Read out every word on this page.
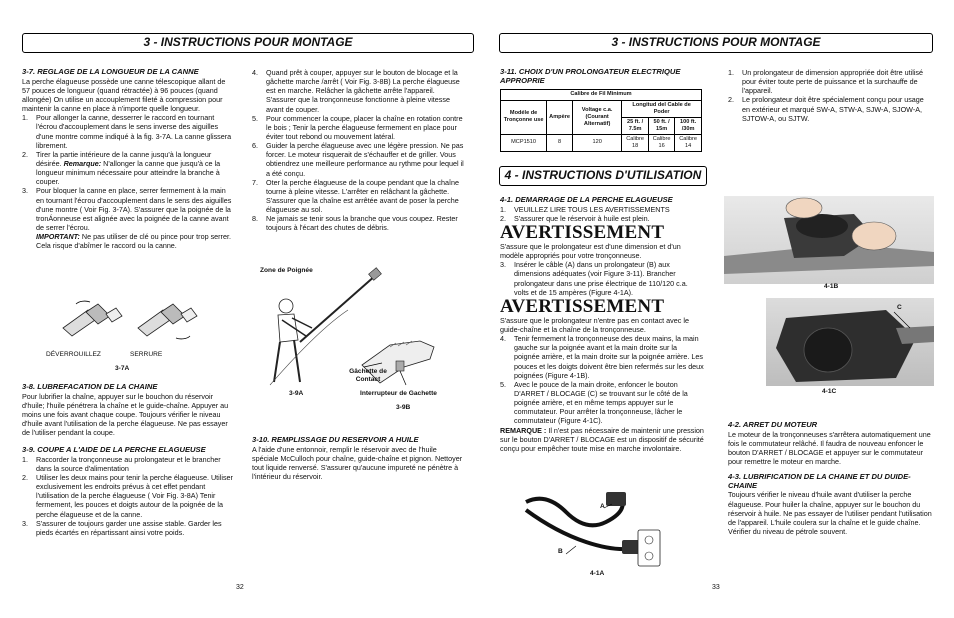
3 - INSTRUCTIONS POUR MONTAGE
3-7. REGLAGE DE LA LONGUEUR DE LA CANNE

La perche élagueuse possède une canne télescopique allant de 57 pouces de longueur (quand rétractée) à 96 pouces (quand allongée) On utilise un accouplement fileté à compression pour maintenir la canne en place à n'importe quelle longueur.

1. Pour allonger la canne, desserrer le raccord en tournant l'écrou d'accouplement dans le sens inverse des aiguilles d'une montre comme indiqué à la fig. 3-7A. La canne glissera librement.
2. Tirer la partie intérieure de la canne jusqu'à la longueur désirée. Remarque: N'allonger la canne que jusqu'à ce la longueur minimum nécessaire pour atteindre la branche à couper.
3. Pour bloquer la canne en place, serrer fermement à la main en tournant l'écrou d'accouplement dans le sens des aiguilles d'une montre ( Voir Fig. 3-7A). S'assurer que la poignée de la tronÁonneuse est alignée avec la poignée de la canne avant de serrer l'écrou.
IMPORTANT: Ne pas utiliser de clé ou pince pour trop serrer. Cela risque d'abîmer le raccord ou la canne.
DÉVERROUILLEZ	SERRURE
3-7A
3-8. LUBREFACATION DE LA CHAINE

Pour lubrifier la chaîne, appuyer sur le bouchon du réservoir d'huile; l'huile pénétrera la chaîne et le guide-chaîne. Appuyer au moins une fois avant chaque coupe. Toujours vérifier le niveau d'huile avant l'utilisation de la perche élagueuse. Ne pas essayer de l'utiliser pendant la coupe.

3-9. COUPE A L'AIDE DE LA PERCHE ELAGUEUSE
1. Raccorder la tronçonneuse au prolongateur et le brancher dans la source d'alimentation
2. Utiliser les deux mains pour tenir la perche élagueuse. Utiliser exclusivement les endroits prévus à cet effet pendant l'utilisation de la perche élagueuse ( Voir Fig. 3-8A) Tenir fermement, les pouces et doigts autour de la poignée de la perche élagueuse et de la canne.
3. S'assurer de toujours garder une assise stable. Garder les pieds écartés en répartissant ainsi votre poids.
4. Quand prêt à couper, appuyer sur le bouton de blocage et la gâchette marche /arrêt ( Voir Fig. 3-8B) La perche élagueuse est en marche. Relâcher la gâchette arrête l'appareil. S'assurer que la tronçonneuse fonctionne à pleine vitesse avant de couper.
5. Pour commencer la coupe, placer la chaîne en rotation contre le bois ; Tenir la perche élagueuse fermement en place pour éviter tout rebond ou mouvement latéral.
6. Guider la perche élagueuse avec une légère pression. Ne pas forcer. Le moteur risquerait de s'échauffer et de griller. Vous obtiendrez une meilleure performance au rythme pour lequel il a été conçu.
7. Oter la perche élagueuse de la coupe pendant que la chaîne tourne à pleine vitesse. L'arrêter en relâchant la gâchette. S'assurer que la chaîne est arrêtée avant de poser la perche élagueuse au sol.
8. Ne jamais se tenir sous la branche que vous coupez. Rester toujours à l'écart des chutes de débris.
Zone de Poignée
3-9A
Gâchette de Contact
Interrupteur de Gachette
3-9B
3-10. REMPLISSAGE DU RESERVOIR A HUILE

A l'aide d'une entonnoir, remplir le réservoir avec de l'huile spéciale McCulloch pour chaîne, guide-chaîne et pignon. Nettoyer tout liquide renversé. S'assurer qu'aucune impureté ne pénètre à l'intérieur du réservoir.

32
3 - INSTRUCTIONS POUR MONTAGE
3-11. CHOIX D'UN PROLONGATEUR ELECTRIQUE APPROPRIE
Calibre de Fil Minimum					
Modéle de Tronçonne use	Ampère	Voltage c.a. (Courant Alternatif)	Longitud del Cable de Poder		
			25 ft. / 7.5m	50 ft. / 15m	100 ft. /30m
MCP1510	8	120	Calibre 18	Calibre 16	Calibre 14
1. Un prolongateur de dimension appropriée doit être utilisé pour éviter toute perte de puissance et la surchauffe de l'appareil.
2. Le prolongateur doit être spécialement conçu pour usage en extérieur et marqué SW-A, STW-A, SJW-A, SJOW-A, SJTOW-A, ou SJTW.
4 - INSTRUCTIONS D'UTILISATION
4-1. DEMARRAGE DE LA PERCHE ELAGUEUSE
1. VEUILLEZ LIRE TOUS LES AVERTISSEMENTS
2. S'assurer que le réservoir à huile est plein.

AVERTISSEMENT

S'assure que le prolongateur est d'une dimension et d'un modèle appropriés pour votre tronçonneuse.

3. Insérer le câble (A) dans un prolongateur (B) aux dimensions adéquates (voir Figure 3-11). Brancher prolongateur dans une prise électrique de 110/120 c.a. volts et de 15 ampères (Figure 4-1A).

AVERTISSEMENT

S'assure que le prolongateur n'entre pas en contact avec le guide-chaîne et la chaîne de la tronçonneuse.

4. Tenir fermement la tronçonneuse des deux mains, la main gauche sur la poignée avant et la main droite sur la poignée arrière, et la main droite sur la poignée arrière. Les pouces et les doigts doivent être bien refermés sur les deux poignées (Figure 4-1B).
5. Avec le pouce de la main droite, enfoncer le bouton D'ARRET / BLOCAGE (C) se trouvant sur le côté de la poignée arrière, et en même temps appuyer sur le commutateur. Pour arrêter la tronçonneuse, lâcher le commutateur (Figure 4-1C).

REMARQUE : Il n'est pas nécessaire de maintenir une pression sur le bouton D'ARRET / BLOCAGE est un dispositif de sécurité conçu pour empêcher toute mise en marche involontaire.

A
B
4-1A
4-1B
C
4-1C
4-2. ARRET DU MOTEUR

Le moteur de la tronçonneuses s'arrêtera automatiquement une fois le commutateur relâché. Il faudra de nouveau enfoncer le bouton D'ARRET / BLOCAGE et appuyer sur le commutateur pour remettre le moteur en marche.

4-3. LUBRIFICATION DE LA CHAINE ET DU DUIDE-CHAINE

Toujours vérifier le niveau d'huile avant d'utiliser la perche élagueuse. Pour huiler la chaîne, appuyer sur le bouchon du réservoir à huile. Ne pas essayer de l'utiliser pendant l'utilisation de l'appareil. L'huile coulera sur la chaîne et le guide chaîne. Vérifier du niveau de pétrole souvent.

33
